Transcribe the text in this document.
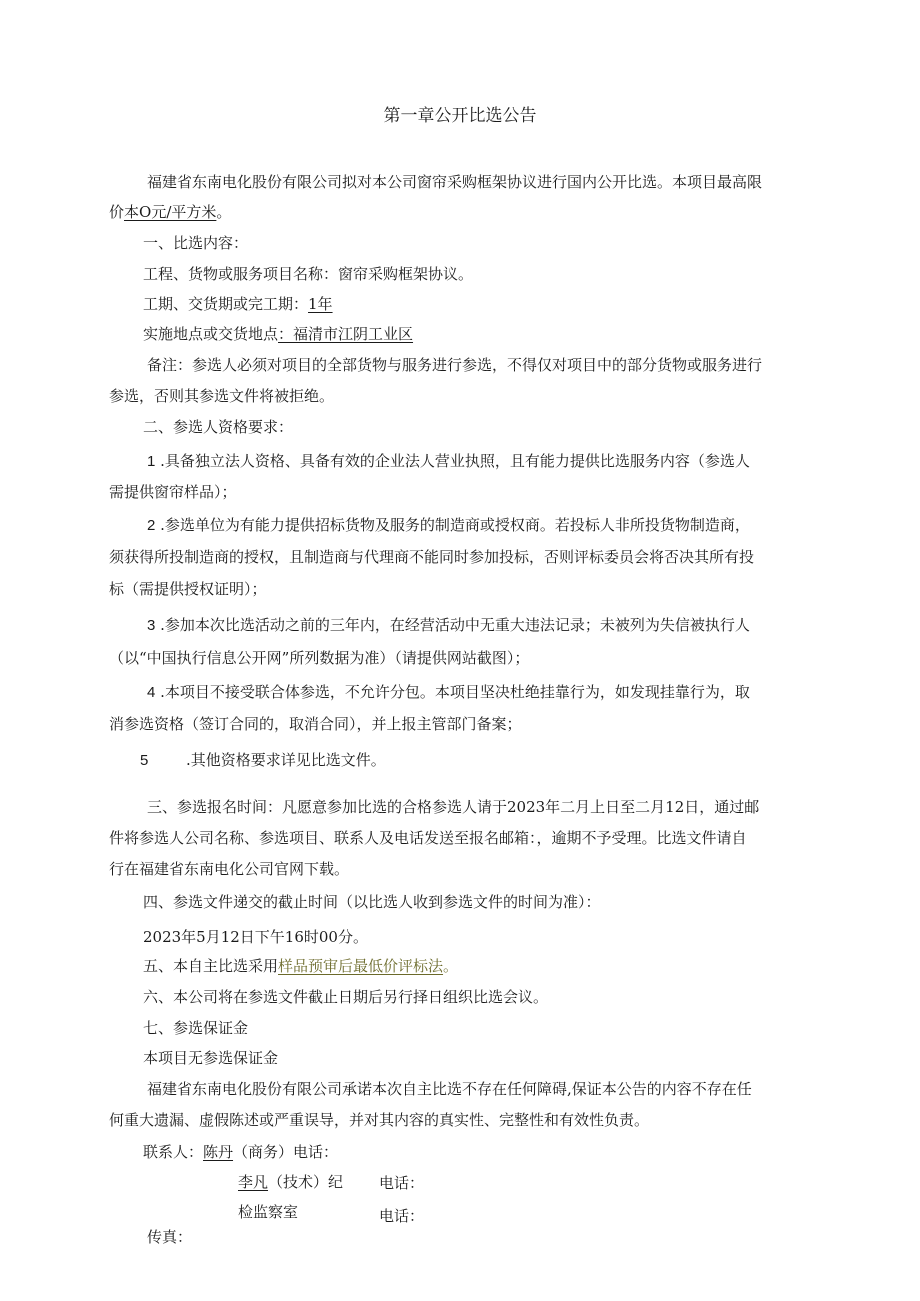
第一章公开比选公告
福建省东南电化股份有限公司拟对本公司窗帘采购框架协议进行国内公开比选。本项目最高限
价本O元/平方米。
一、比选内容：
工程、货物或服务项目名称：窗帘采购框架协议。
工期、交货期或完工期：1年
实施地点或交货地点：福清市江阴工业区
备注：参选人必须对项目的全部货物与服务进行参选，不得仅对项目中的部分货物或服务进行
参选，否则其参选文件将被拒绝。
二、参选人资格要求：
1 .具备独立法人资格、具备有效的企业法人营业执照，且有能力提供比选服务内容（参选人
需提供窗帘样品）；
2 .参选单位为有能力提供招标货物及服务的制造商或授权商。若投标人非所投货物制造商，
须获得所投制造商的授权，且制造商与代理商不能同时参加投标，否则评标委员会将否决其所有投
标（需提供授权证明）；
3 .参加本次比选活动之前的三年内，在经营活动中无重大违法记录；未被列为失信被执行人
（以“中国执行信息公开网”所列数据为准）（请提供网站截图）；
4 .本项目不接受联合体参选，不允许分包。本项目坚决杜绝挂靠行为，如发现挂靠行为，取
消参选资格（签订合同的，取消合同），并上报主管部门备案；
5	.其他资格要求详见比选文件。
三、参选报名时间：凡愿意参加比选的合格参选人请于2023年二月上日至二月12日，通过邮
件将参选人公司名称、参选项目、联系人及电话发送至报名邮箱：，逾期不予受理。比选文件请自
行在福建省东南电化公司官网下载。
四、参选文件递交的截止时间（以比选人收到参选文件的时间为准）：
2023年5月12日下午16时00分。
五、本自主比选采用样品预审后最低价评标法。
六、本公司将在参选文件截止日期后另行择日组织比选会议。
七、参选保证金
本项目无参选保证金
福建省东南电化股份有限公司承诺本次自主比选不存在任何障碍,保证本公告的内容不存在任
何重大遗漏、虚假陈述或严重误导，并对其内容的真实性、完整性和有效性负责。
联系人：陈丹（商务）电话：
李凡（技术）纪 电话：
检监察室	电话：
传真：
